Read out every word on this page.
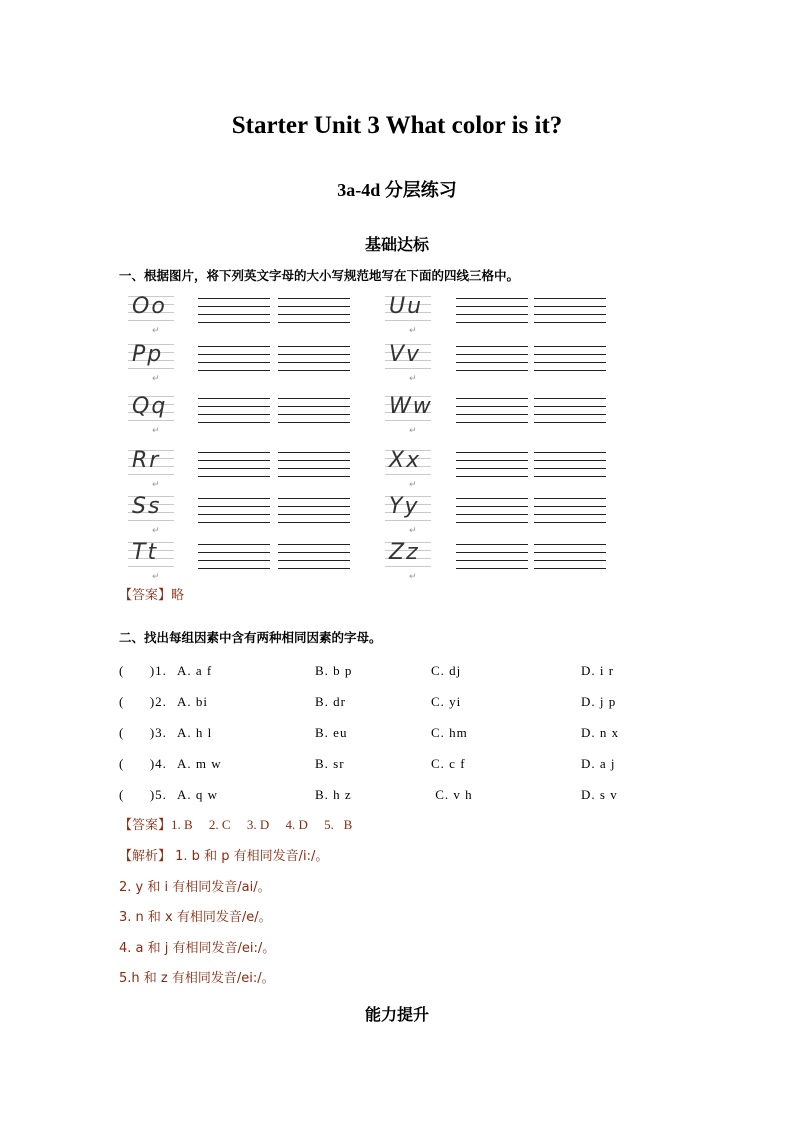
Starter Unit 3 What color is it?
3a-4d 分层练习
基础达标
一、根据图片，将下列英文字母的大小写规范地写在下面的四线三格中。
Oo
↵
Pp
↵
Qq
↵
Rr
↵
Ss
↵
Tt
↵
Uu
↵
Vv
↵
Ww
↵
Xx
↵
Yy
↵
Zz
↵
【答案】略
二、找出每组因素中含有两种相同因素的字母。
(      )1. A. a f	B. b p	C. dj	D. i r
(      )2. A. bi	B. dr	C. yi	D. j p
(      )3. A. h l	B. eu	C. hm	D. n x
(      )4. A. m w	B. sr	C. c f	D. a j
(      )5. A. q w	B. h z	C. v h	D. s v
【答案】1. B     2. C     3. D     4. D     5.   B
【解析】 1. b 和 p 有相同发音/i:/。
2. y 和 i 有相同发音/ai/。
3. n 和 x 有相同发音/e/。
4. a 和 j 有相同发音/ei:/。
5.h 和 z 有相同发音/ei:/。
能力提升
